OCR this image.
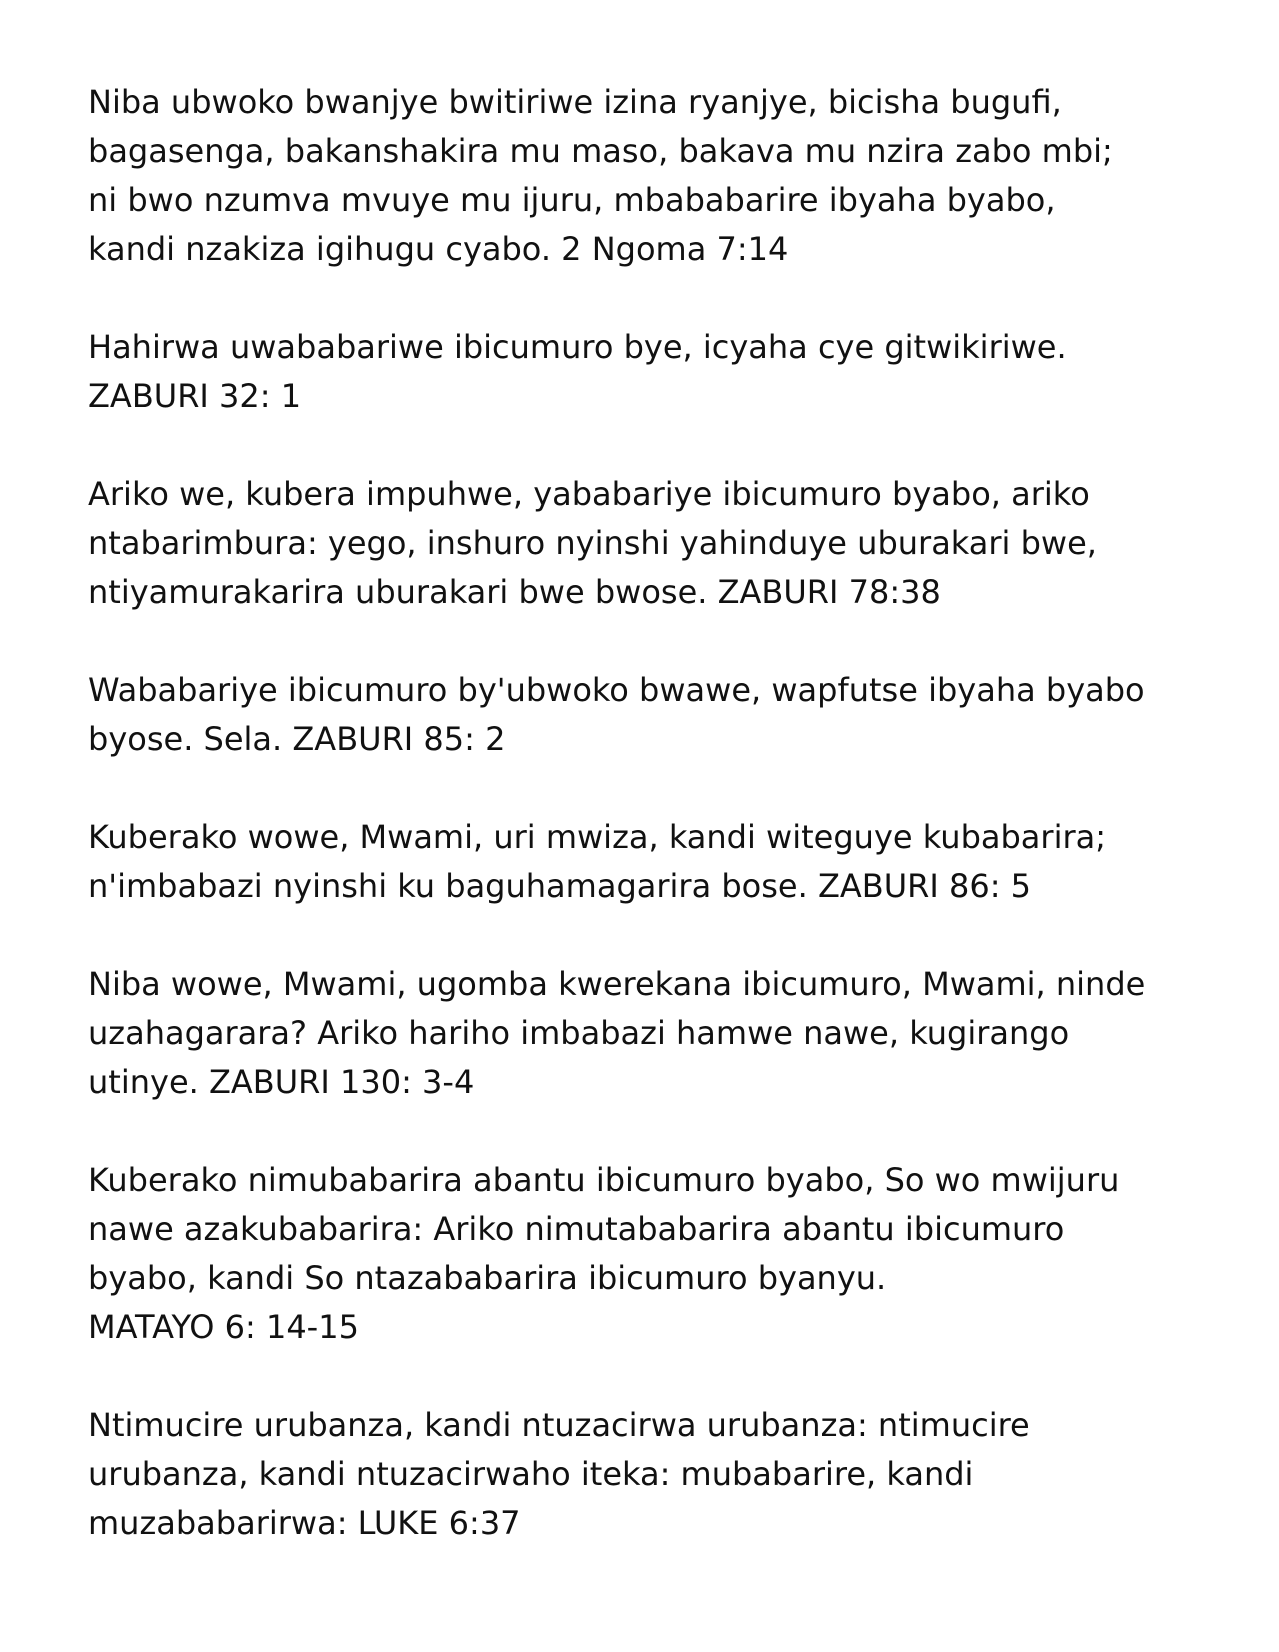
Niba ubwoko bwanjye bwitiriwe izina ryanjye, bicisha bugufi,
bagasenga, bakanshakira mu maso, bakava mu nzira zabo mbi;
ni bwo nzumva mvuye mu ijuru, mbababarire ibyaha byabo,
kandi nzakiza igihugu cyabo. 2 Ngoma 7:14
Hahirwa uwababariwe ibicumuro bye, icyaha cye gitwikiriwe.
ZABURI 32: 1
Ariko we, kubera impuhwe, yababariye ibicumuro byabo, ariko
ntabarimbura: yego, inshuro nyinshi yahinduye uburakari bwe,
ntiyamurakarira uburakari bwe bwose. ZABURI 78:38
Wababariye ibicumuro by'ubwoko bwawe, wapfutse ibyaha byabo
byose. Sela. ZABURI 85: 2
Kuberako wowe, Mwami, uri mwiza, kandi witeguye kubabarira;
n'imbabazi nyinshi ku baguhamagarira bose. ZABURI 86: 5
Niba wowe, Mwami, ugomba kwerekana ibicumuro, Mwami, ninde
uzahagarara? Ariko hariho imbabazi hamwe nawe, kugirango
utinye. ZABURI 130: 3-4
Kuberako nimubabarira abantu ibicumuro byabo, So wo mwijuru
nawe azakubabarira: Ariko nimutababarira abantu ibicumuro
byabo, kandi So ntazababarira ibicumuro byanyu.
MATAYO 6: 14-15
Ntimucire urubanza, kandi ntuzacirwa urubanza: ntimucire
urubanza, kandi ntuzacirwaho iteka: mubabarire, kandi
muzababarirwa: LUKE 6:37
